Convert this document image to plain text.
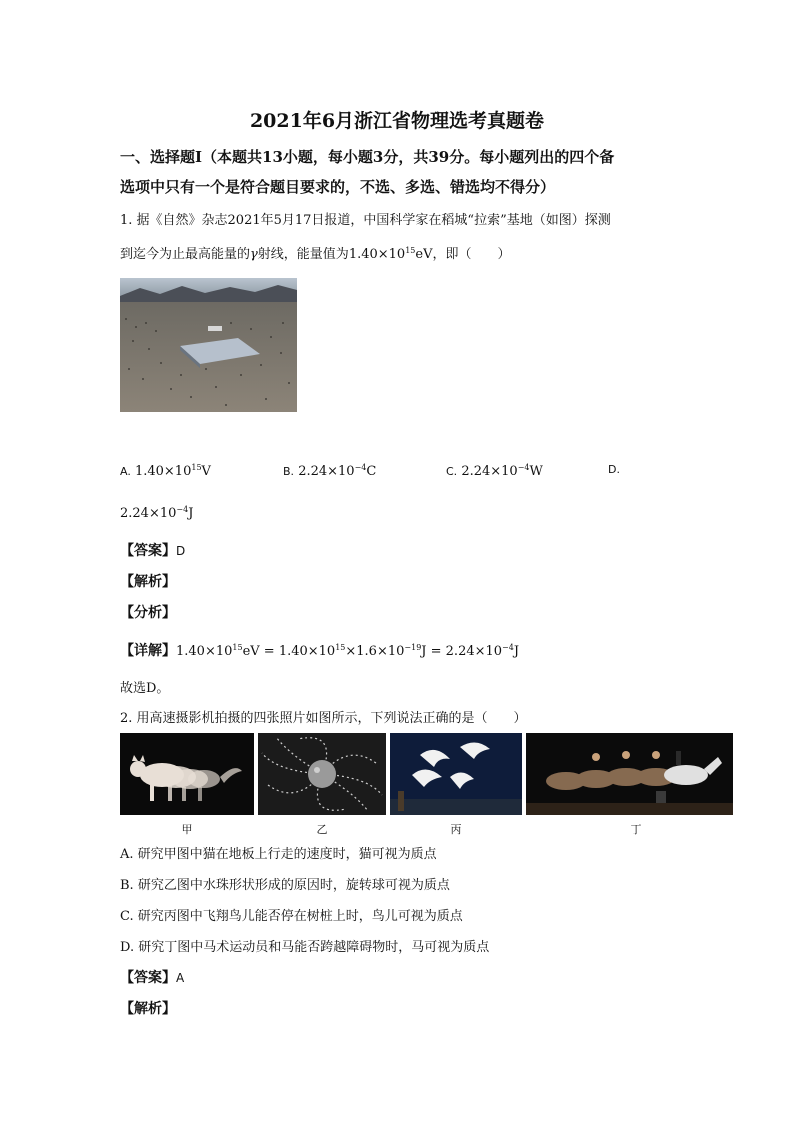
2021年6月浙江省物理选考真题卷
一、选择题Ⅰ（本题共13小题，每小题3分，共39分。每小题列出的四个备
选项中只有一个是符合题目要求的，不选、多选、错选均不得分）
1. 据《自然》杂志2021年5月17日报道，中国科学家在稻城“拉索”基地（如图）探测
到迄今为止最高能量的γ射线，能量值为$1.40\times 10^{15}eV$，即（　　）
A. $1.40\times 10^{15}V$	B. $2.24\times 10^{-4}C$	C. $2.24\times 10^{-4}W$	D.
$2.24\times 10^{-4}J$
【答案】D
【解析】
【分析】
【详解】$1.40\times 10^{15}eV = 1.40\times 10^{15}\times 1.6\times 10^{-19}J = 2.24\times 10^{-4}J$
故选D。
2. 用高速摄影机拍摄的四张照片如图所示，下列说法正确的是（　　）
甲	乙	丙	丁
A. 研究甲图中猫在地板上行走的速度时，猫可视为质点
B. 研究乙图中水珠形状形成的原因时，旋转球可视为质点
C. 研究丙图中飞翔鸟儿能否停在树桩上时，鸟儿可视为质点
D. 研究丁图中马术运动员和马能否跨越障碍物时，马可视为质点
【答案】A
【解析】
